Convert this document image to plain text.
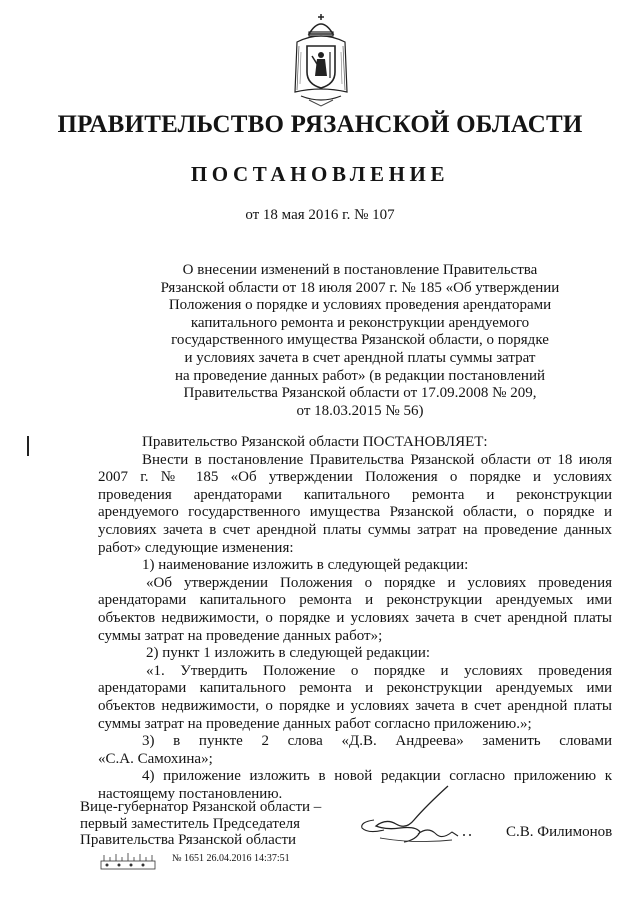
ПРАВИТЕЛЬСТВО РЯЗАНСКОЙ ОБЛАСТИ
ПОСТАНОВЛЕНИЕ
от 18 мая 2016 г. № 107
О внесении изменений в постановление Правительства
Рязанской области от 18 июля 2007 г. № 185 «Об утверждении
Положения о порядке и условиях проведения арендаторами
капитального ремонта и реконструкции арендуемого
государственного имущества Рязанской области, о порядке
и условиях зачета в счет арендной платы суммы затрат
на проведение данных работ» (в редакции постановлений
Правительства Рязанской области от 17.09.2008 № 209,
от 18.03.2015 № 56)
Правительство Рязанской области ПОСТАНОВЛЯЕТ:
Внести в постановление Правительства Рязанской области от 18 июля
2007 г. № 185 «Об утверждении Положения о порядке и условиях
проведения арендаторами капитального ремонта и реконструкции
арендуемого государственного имущества Рязанской области, о порядке и
условиях зачета в счет арендной платы суммы затрат на проведение данных
работ» следующие изменения:
1) наименование изложить в следующей редакции:
«Об утверждении Положения о порядке и условиях проведения
арендаторами капитального ремонта и реконструкции арендуемых ими
объектов недвижимости, о порядке и условиях зачета в счет арендной платы
суммы затрат на проведение данных работ»;
2) пункт 1 изложить в следующей редакции:
«1. Утвердить Положение о порядке и условиях проведения
арендаторами капитального ремонта и реконструкции арендуемых ими
объектов недвижимости, о порядке и условиях зачета в счет арендной платы
суммы затрат на проведение данных работ согласно приложению.»;
3) в пункте 2 слова «Д.В. Андреева» заменить словами
«С.А. Самохина»;
4) приложение изложить в новой редакции согласно приложению к
настоящему постановлению.
Вице-губернатор Рязанской области –
первый заместитель Председателя
Правительства Рязанской области	С.В. Филимонов
№ 1651 26.04.2016 14:37:51
